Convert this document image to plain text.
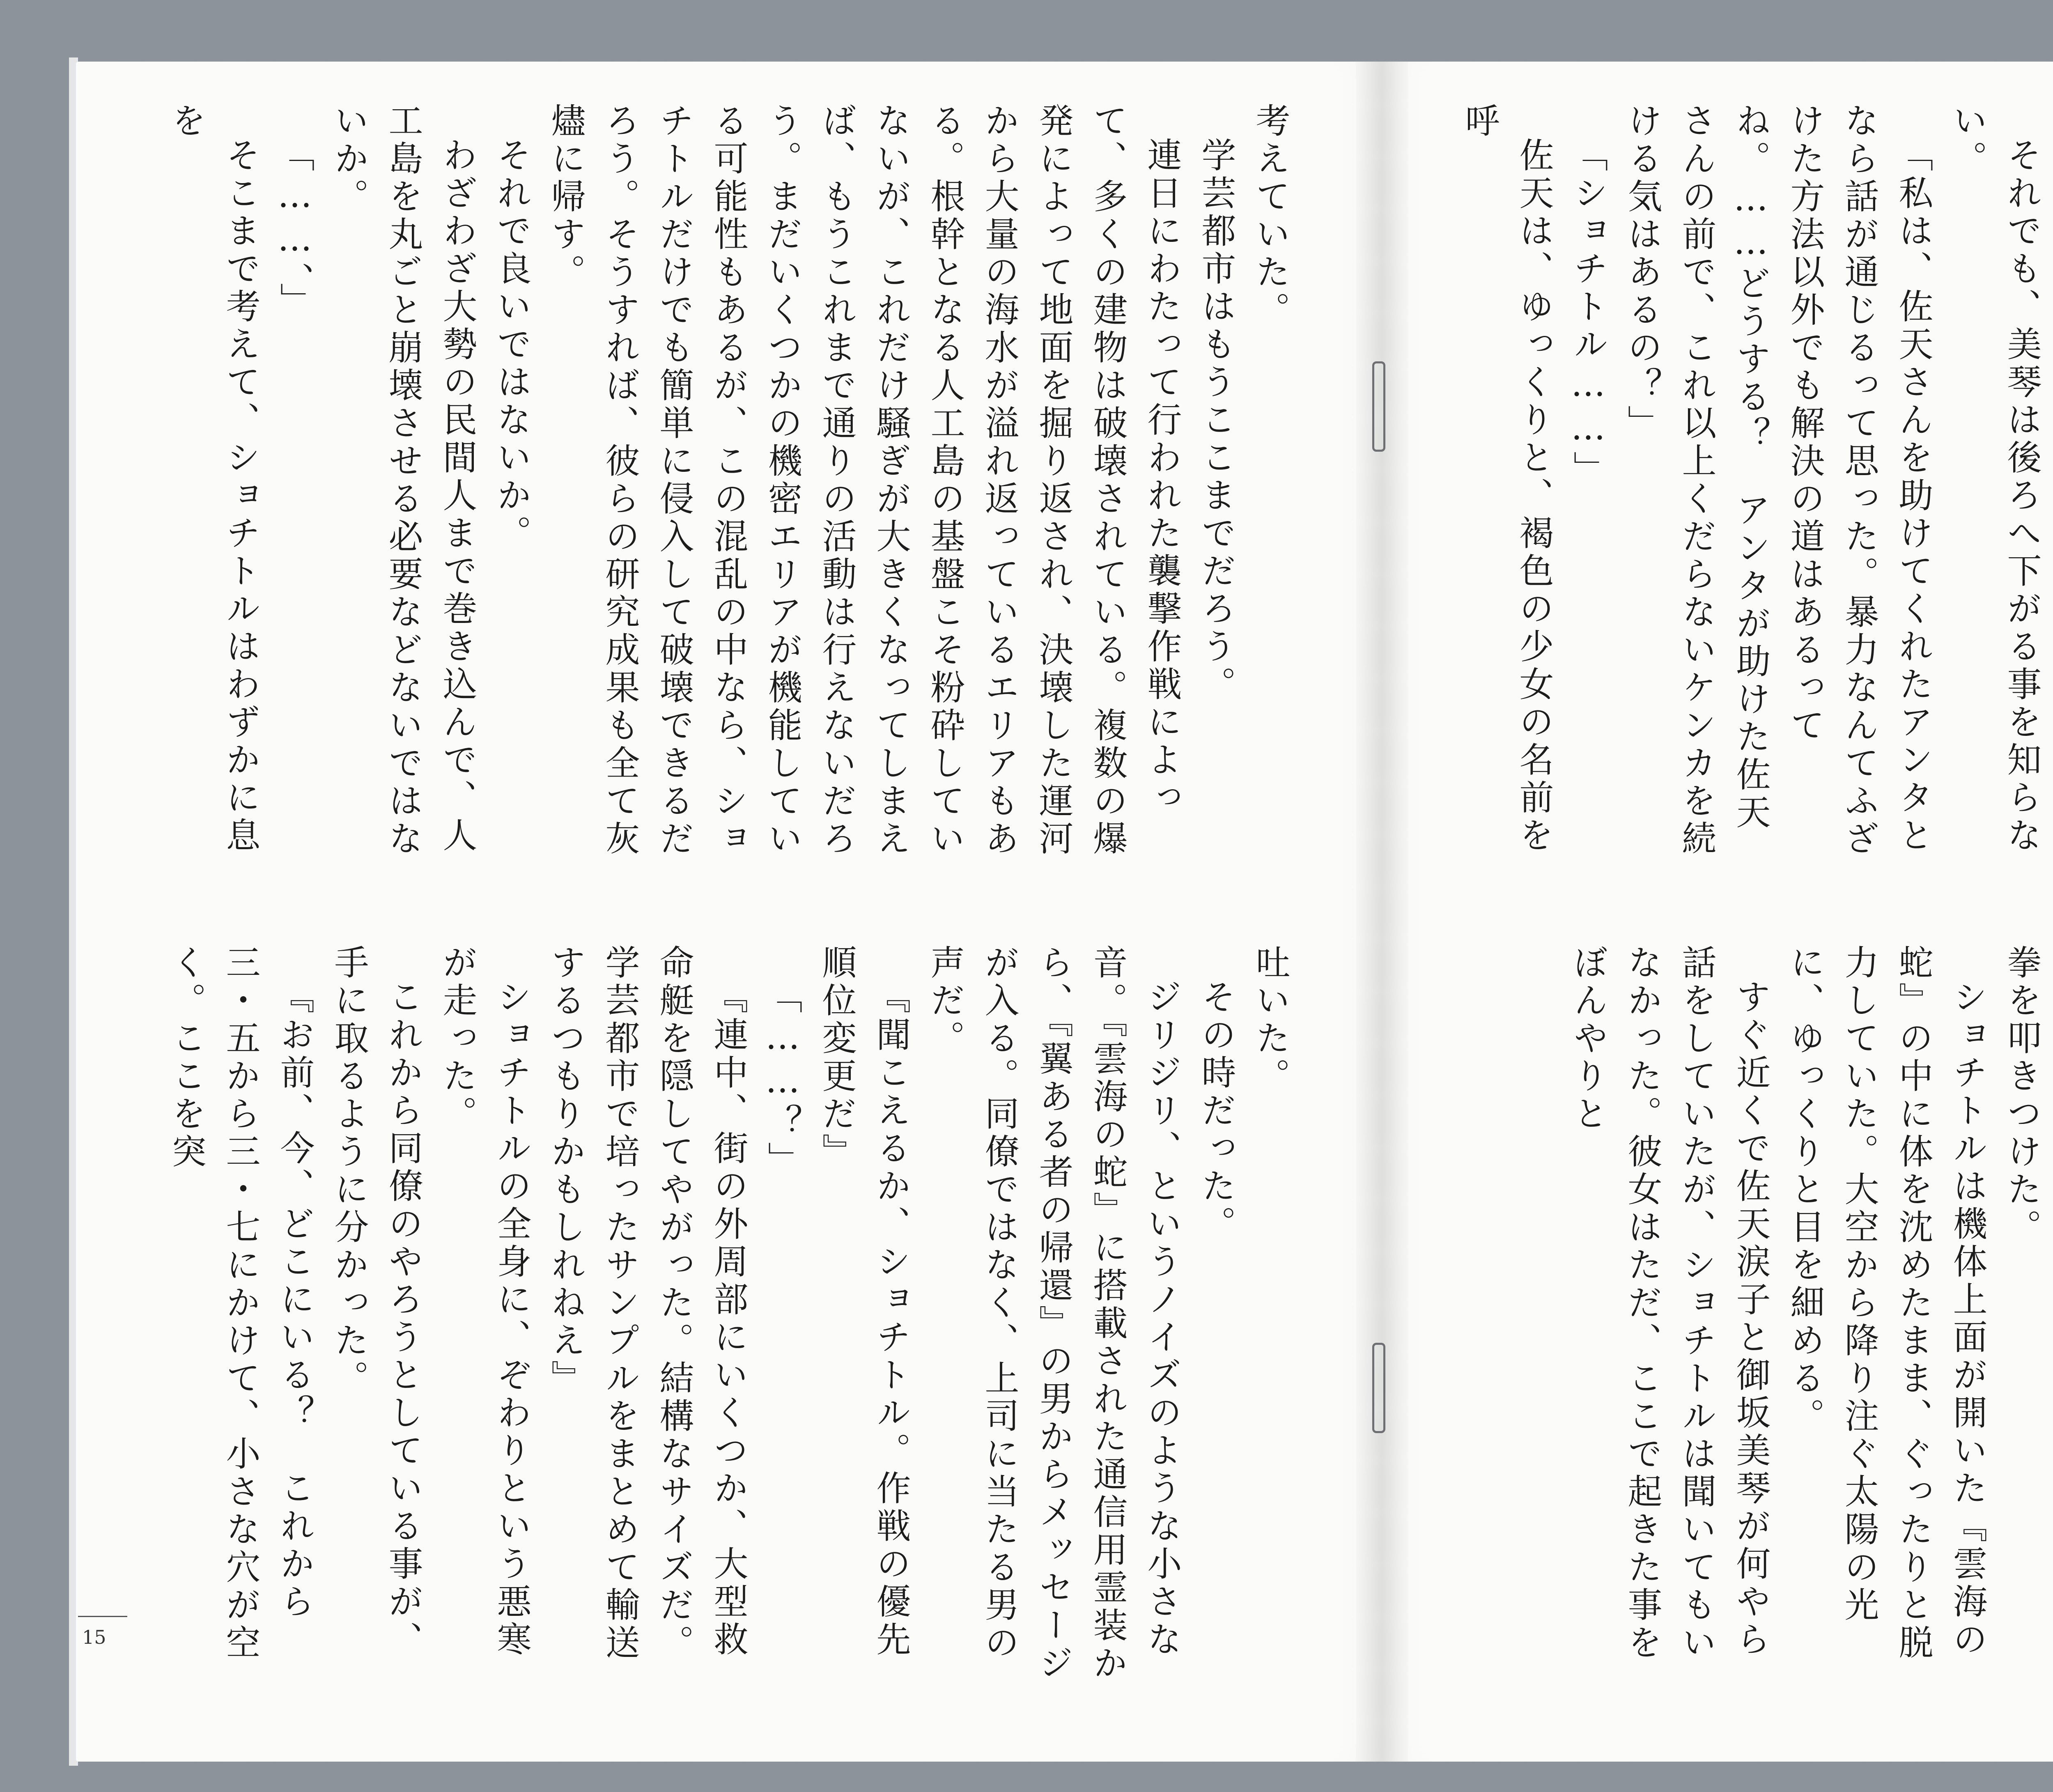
考えていた。

学芸都市はもうここまでだろう。

連日にわたって行われた襲撃作戦によって、多くの建物は破壊されている。複数の爆発によって地面を掘り返され、決壊した運河から大量の海水が溢れ返っているエリアもある。根幹となる人工島の基盤こそ粉砕していないが、これだけ騒ぎが大きくなってしまえば、もうこれまで通りの活動は行えないだろう。まだいくつかの機密エリアが機能している可能性もあるが、この混乱の中なら、ショチトルだけでも簡単に侵入して破壊できるだろう。そうすれば、彼らの研究成果も全て灰燼に帰す。

それで良いではないか。

わざわざ大勢の民間人まで巻き込んで、人工島を丸ごと崩壊させる必要などないではないか。

「……、」

そこまで考えて、ショチトルはわずかに息を

吐いた。

その時だった。

ジリジリ、というノイズのような小さな音。『雲海の蛇』に搭載された通信用霊装から、『翼ある者の帰還』の男からメッセージが入る。同僚ではなく、上司に当たる男の声だ。

『聞こえるか、ショチトル。作戦の優先順位変更だ』

「……？」

『連中、街の外周部にいくつか、大型救命艇を隠してやがった。結構なサイズだ。学芸都市で培ったサンプルをまとめて輸送するつもりかもしれねえ』

ショチトルの全身に、ぞわりという悪寒が走った。

これから同僚のやろうとしている事が、手に取るように分かった。

『お前、今、どこにいる？　これから三・五から三・七にかけて、小さな穴が空く。ここを突

15

それでも、美琴は後ろへ下がる事を知らない。

「私は、佐天さんを助けてくれたアンタとなら話が通じるって思った。暴力なんてふざけた方法以外でも解決の道はあるってね。……どうする？　アンタが助けた佐天さんの前で、これ以上くだらないケンカを続ける気はあるの？」

「ショチトル……」

佐天は、ゆっくりと、褐色の少女の名前を呼

拳を叩きつけた。

ショチトルは機体上面が開いた『雲海の蛇』の中に体を沈めたまま、ぐったりと脱力していた。大空から降り注ぐ太陽の光に、ゆっくりと目を細める。

すぐ近くで佐天涙子と御坂美琴が何やら話をしていたが、ショチトルは聞いてもいなかった。彼女はただ、ここで起きた事をぼんやりと
